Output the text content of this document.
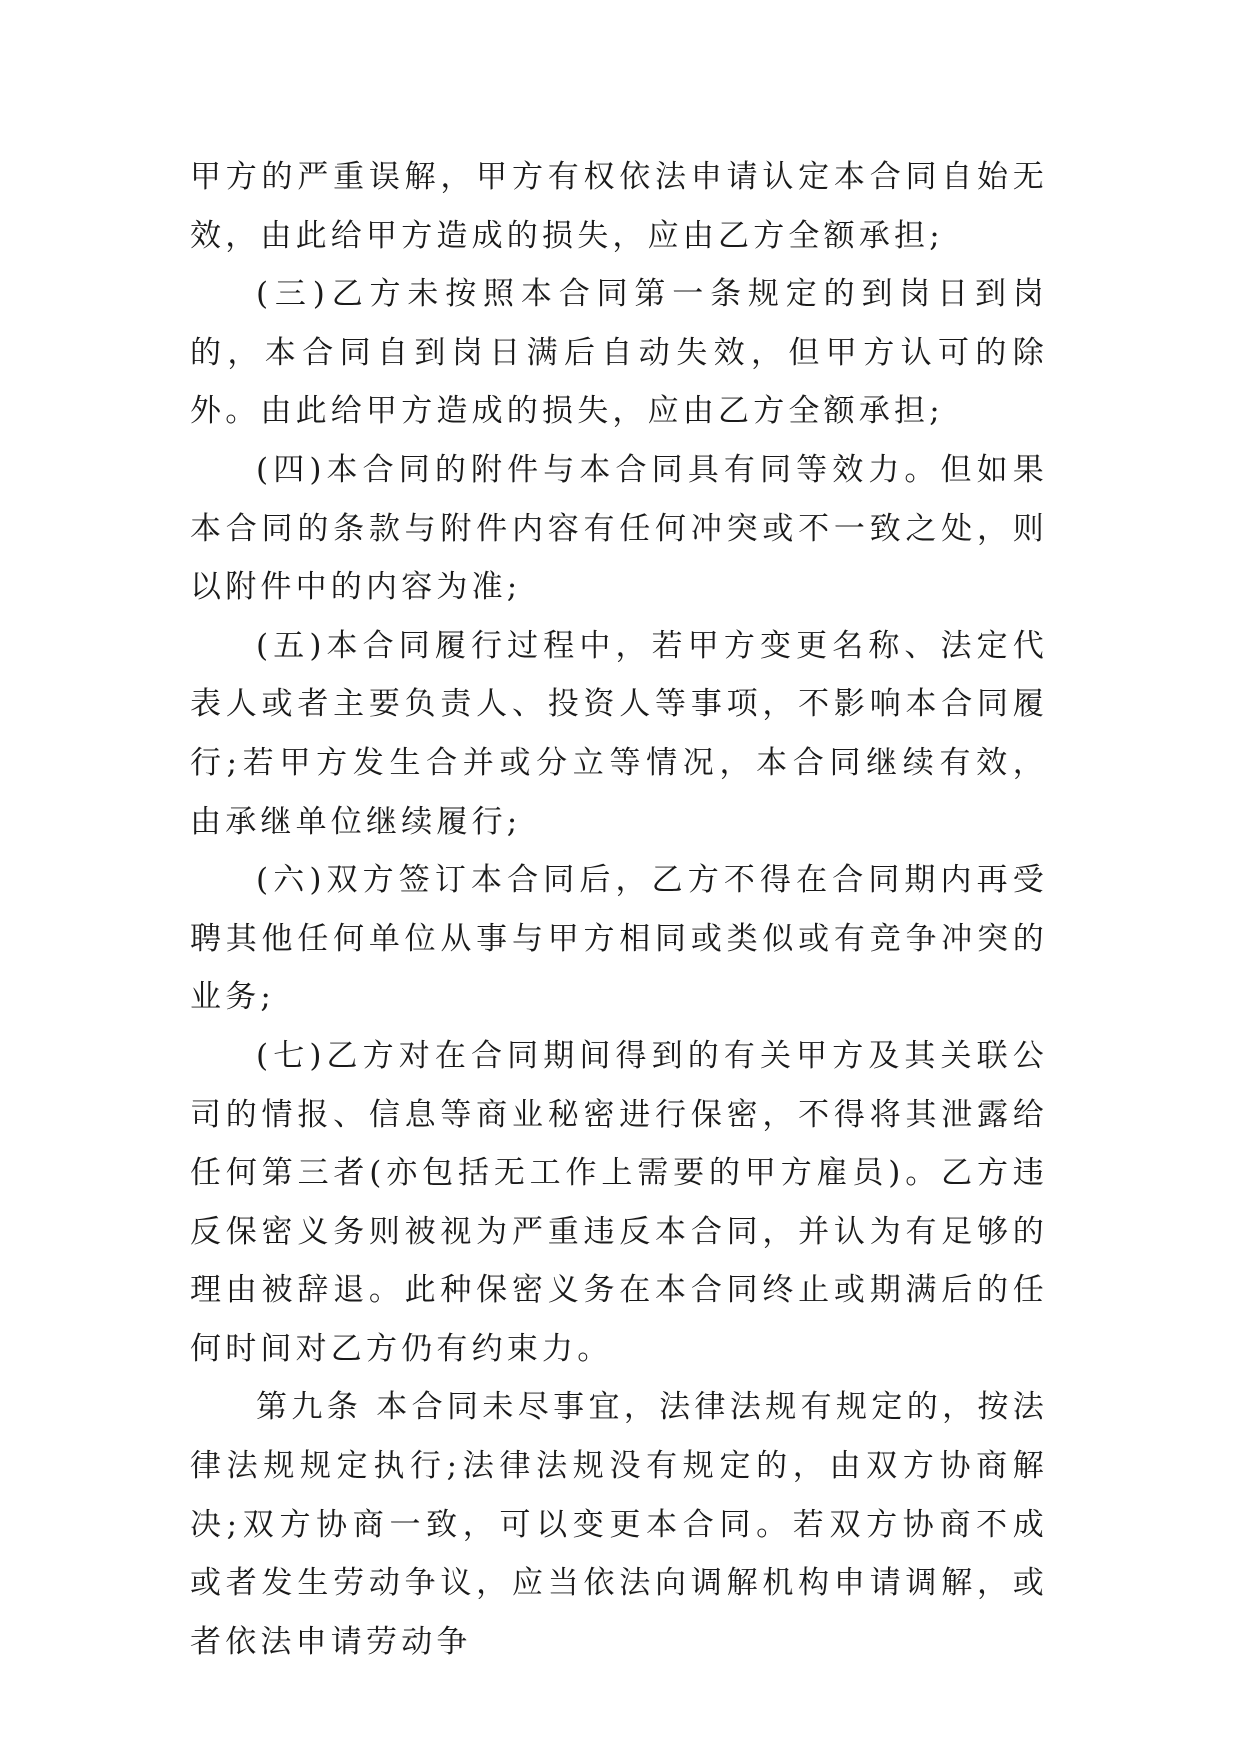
甲方的严重误解，甲方有权依法申请认定本合同自始无效，由此给甲方造成的损失，应由乙方全额承担;

(三)乙方未按照本合同第一条规定的到岗日到岗的，本合同自到岗日满后自动失效，但甲方认可的除外。由此给甲方造成的损失，应由乙方全额承担;

(四)本合同的附件与本合同具有同等效力。但如果本合同的条款与附件内容有任何冲突或不一致之处，则以附件中的内容为准;

(五)本合同履行过程中，若甲方变更名称、法定代表人或者主要负责人、投资人等事项，不影响本合同履行;若甲方发生合并或分立等情况，本合同继续有效，由承继单位继续履行;

(六)双方签订本合同后，乙方不得在合同期内再受聘其他任何单位从事与甲方相同或类似或有竞争冲突的业务;

(七)乙方对在合同期间得到的有关甲方及其关联公司的情报、信息等商业秘密进行保密，不得将其泄露给任何第三者(亦包括无工作上需要的甲方雇员)。乙方违反保密义务则被视为严重违反本合同，并认为有足够的理由被辞退。此种保密义务在本合同终止或期满后的任何时间对乙方仍有约束力。

第九条 本合同未尽事宜，法律法规有规定的，按法律法规规定执行;法律法规没有规定的，由双方协商解决;双方协商一致，可以变更本合同。若双方协商不成或者发生劳动争议，应当依法向调解机构申请调解，或者依法申请劳动争
